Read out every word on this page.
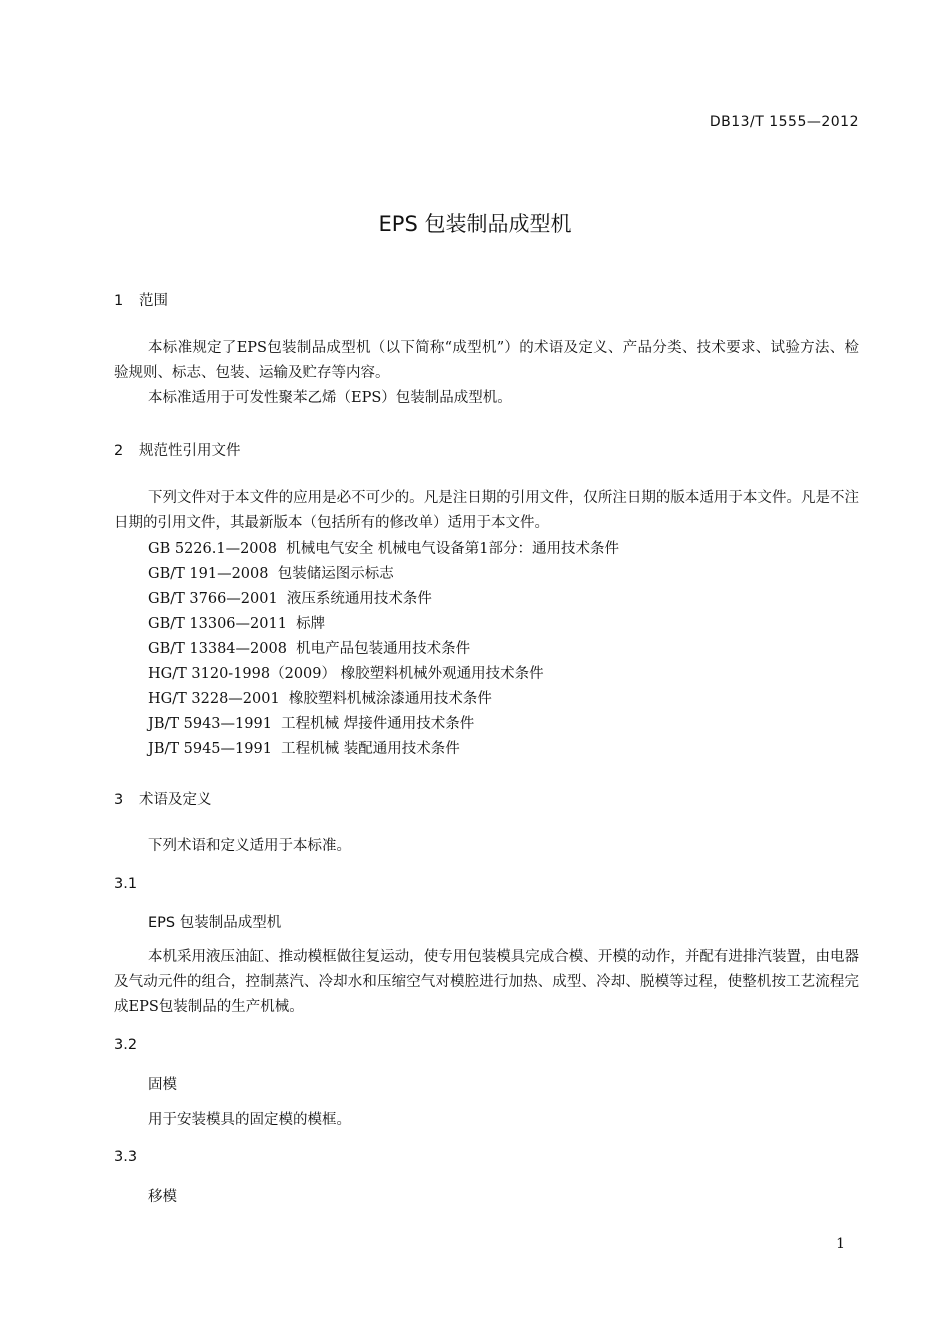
DB13/T 1555—2012
EPS 包装制品成型机
1 范围

本标准规定了EPS包装制品成型机（以下简称“成型机”）的术语及定义、产品分类、技术要求、试验方法、检验规则、标志、包装、运输及贮存等内容。

本标准适用于可发性聚苯乙烯（EPS）包装制品成型机。

2 规范性引用文件

下列文件对于本文件的应用是必不可少的。凡是注日期的引用文件，仅所注日期的版本适用于本文件。凡是不注日期的引用文件，其最新版本（包括所有的修改单）适用于本文件。

GB 5226.1—2008  机械电气安全 机械电气设备第1部分：通用技术条件
GB/T 191—2008  包装储运图示标志
GB/T 3766—2001  液压系统通用技术条件
GB/T 13306—2011  标牌
GB/T 13384—2008  机电产品包装通用技术条件
HG/T 3120-1998（2009） 橡胶塑料机械外观通用技术条件
HG/T 3228—2001  橡胶塑料机械涂漆通用技术条件
JB/T 5943—1991  工程机械 焊接件通用技术条件
JB/T 5945—1991  工程机械 装配通用技术条件
3 术语及定义

下列术语和定义适用于本标准。

3.1
EPS 包装制品成型机

本机采用液压油缸、推动模框做往复运动，使专用包装模具完成合模、开模的动作，并配有进排汽装置，由电器及气动元件的组合，控制蒸汽、冷却水和压缩空气对模腔进行加热、成型、冷却、脱模等过程，使整机按工艺流程完成EPS包装制品的生产机械。

3.2
固模

用于安装模具的固定模的模框。

3.3
移模
1
